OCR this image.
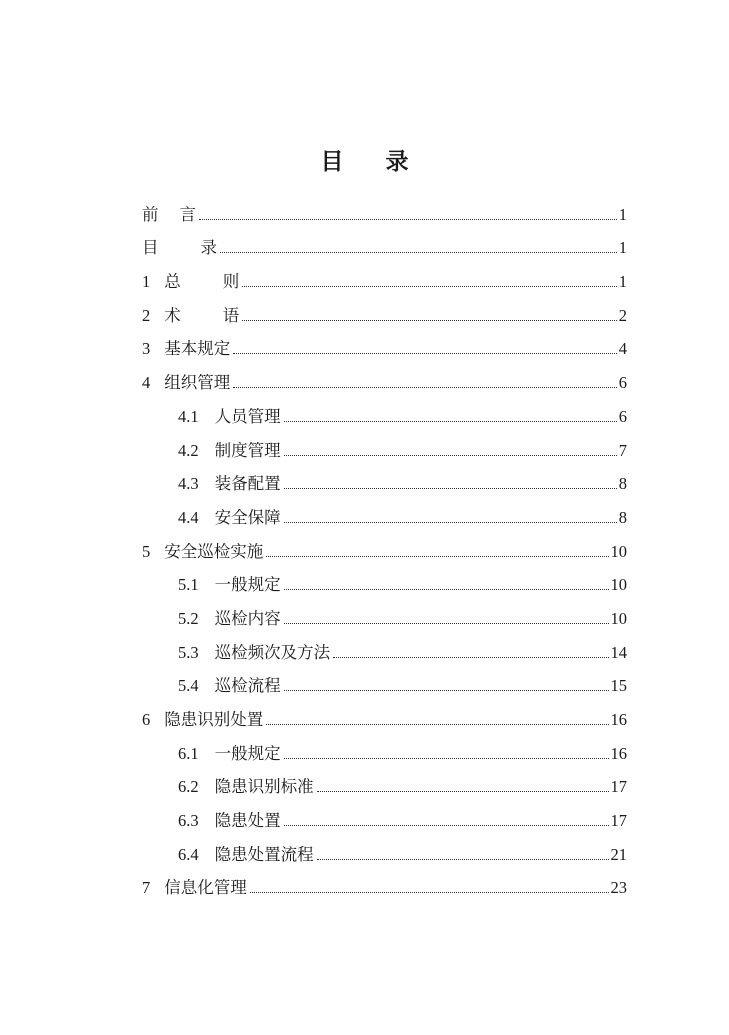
目 录
前    言	1
目        录	1
1 总        则	1
2 术        语	2
3 基本规定	4
4 组织管理	6
4.1 人员管理	6
4.2 制度管理	7
4.3 装备配置	8
4.4 安全保障	8
5 安全巡检实施	10
5.1 一般规定	10
5.2 巡检内容	10
5.3 巡检频次及方法	14
5.4 巡检流程	15
6 隐患识别处置	16
6.1 一般规定	16
6.2 隐患识别标准	17
6.3 隐患处置	17
6.4 隐患处置流程	21
7 信息化管理	23
